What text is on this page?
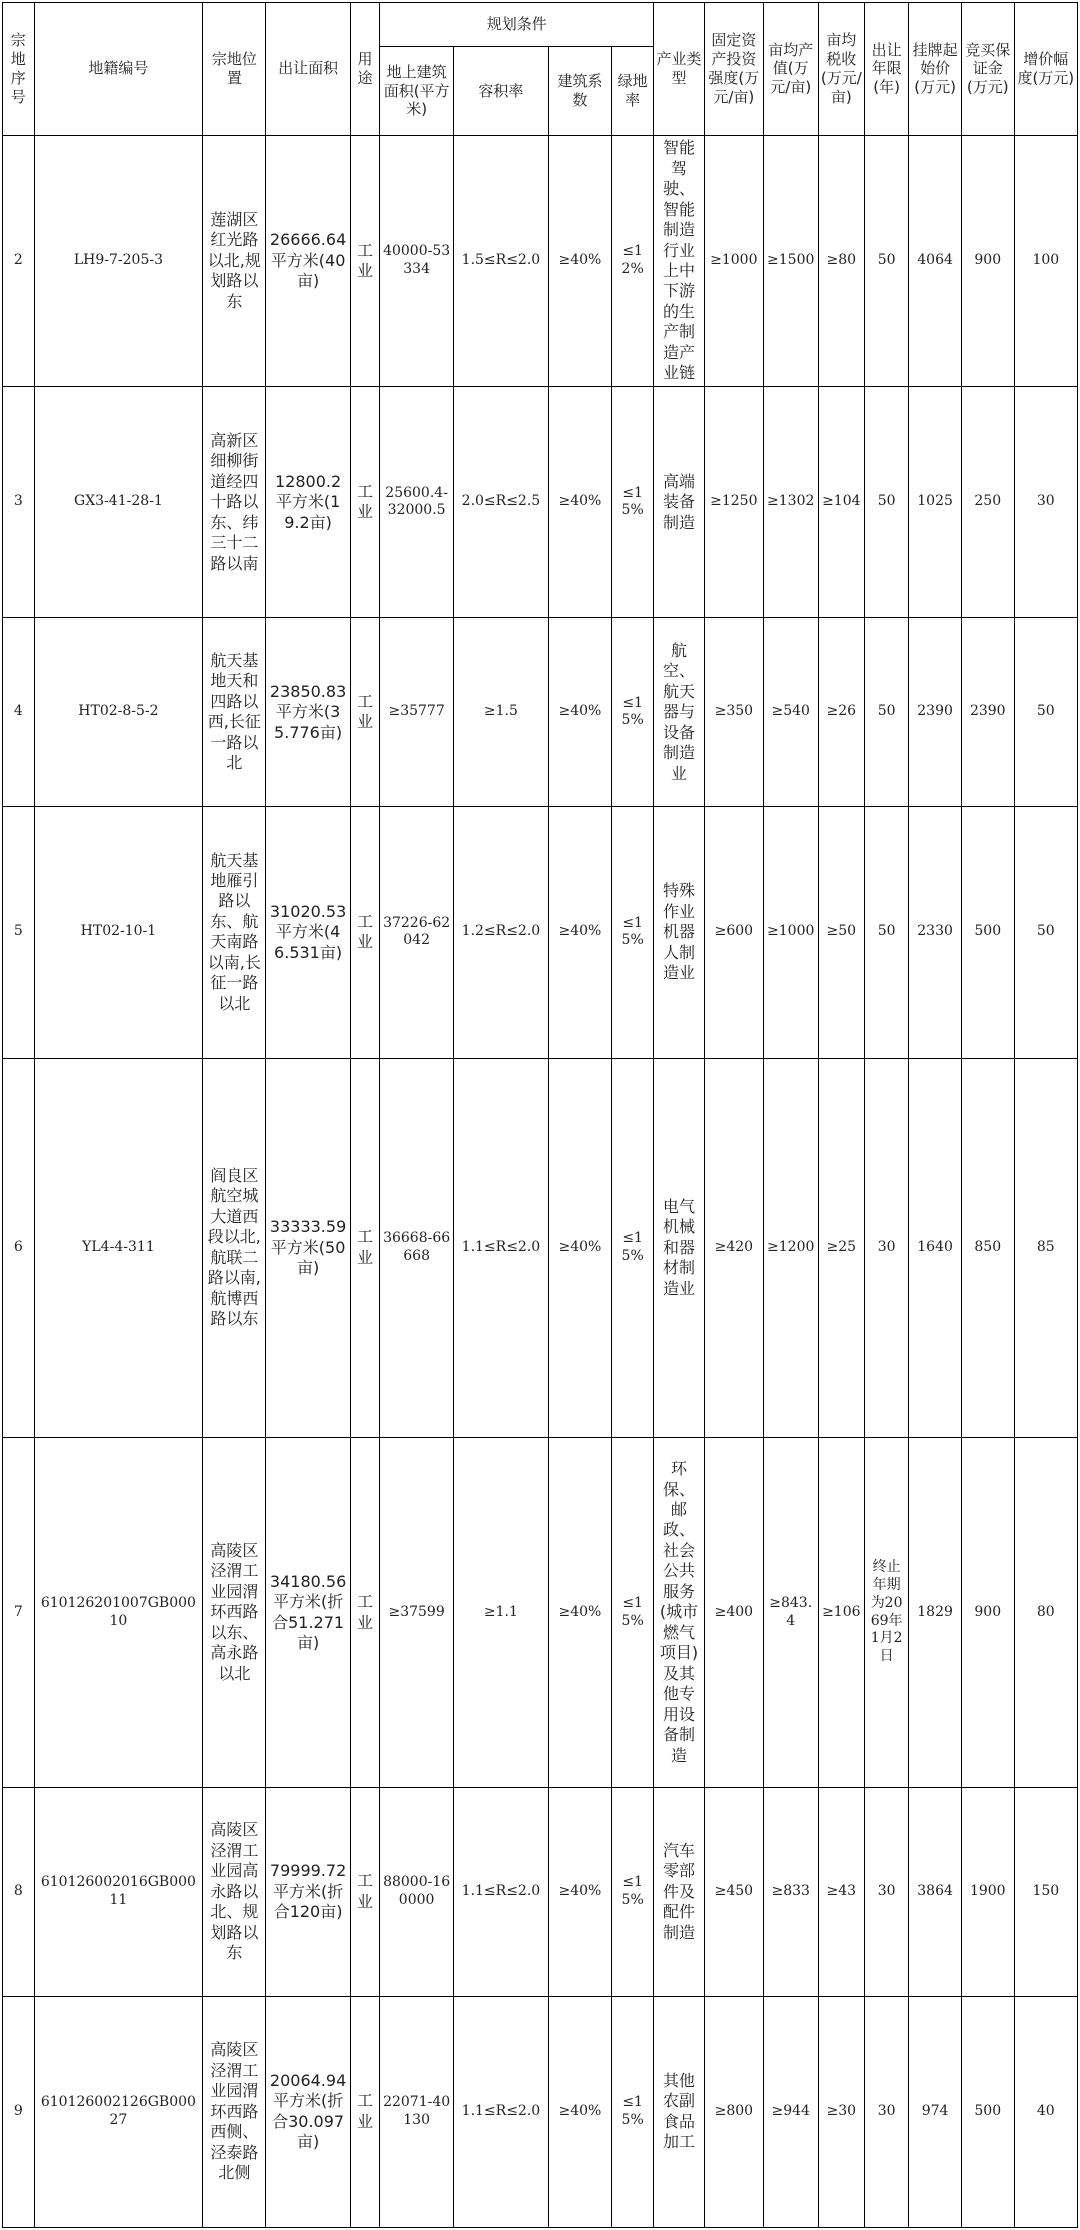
宗地序号	地籍编号	宗地位置	出让面积	用途	规划条件				产业类型	固定资产投资强度(万元/亩)	亩均产值(万元/亩)	亩均税收(万元/亩)	出让年限(年)	挂牌起始价(万元)	竞买保证金(万元)	增价幅度(万元)
					地上建筑面积(平方米)	容积率	建筑系数	绿地率								
2	LH9-7-205-3	莲湖区红光路以北,规划路以东	26666.64平方米(40亩)	工业	40000-53334	1.5≤R≤2.0	≥40%	≤12%	智能驾驶、智能制造行业上中下游的生产制造产业链	≥1000	≥1500	≥80	50	4064	900	100
3	GX3-41-28-1	高新区细柳街道经四十路以东、纬三十二路以南	12800.2平方米(19.2亩)	工业	25600.4-32000.5	2.0≤R≤2.5	≥40%	≤15%	高端装备制造	≥1250	≥1302	≥104	50	1025	250	30
4	HT02-8-5-2	航天基地天和四路以西,长征一路以北	23850.83平方米(35.776亩)	工业	≥35777	≥1.5	≥40%	≤15%	航空、航天器与设备制造业	≥350	≥540	≥26	50	2390	2390	50
5	HT02-10-1	航天基地雁引路以东、航天南路以南,长征一路以北	31020.53平方米(46.531亩)	工业	37226-62042	1.2≤R≤2.0	≥40%	≤15%	特殊作业机器人制造业	≥600	≥1000	≥50	50	2330	500	50
6	YL4-4-311	阎良区航空城大道西段以北,航联二路以南,航博西路以东	33333.59平方米(50亩)	工业	36668-66668	1.1≤R≤2.0	≥40%	≤15%	电气机械和器材制造业	≥420	≥1200	≥25	30	1640	850	85
7	610126201007GB00010	高陵区泾渭工业园渭环西路以东、高永路以北	34180.56平方米(折合51.271亩)	工业	≥37599	≥1.1	≥40%	≤15%	环保、邮政、社会公共服务(城市燃气项目)及其他专用设备制造	≥400	≥843.4	≥106	终止年期为2069年1月2日	1829	900	80
8	610126002016GB00011	高陵区泾渭工业园高永路以北、规划路以东	79999.72平方米(折合120亩)	工业	88000-160000	1.1≤R≤2.0	≥40%	≤15%	汽车零部件及配件制造	≥450	≥833	≥43	30	3864	1900	150
9	610126002126GB00027	高陵区泾渭工业园渭环西路西侧、泾泰路北侧	20064.94平方米(折合30.097亩)	工业	22071-40130	1.1≤R≤2.0	≥40%	≤15%	其他农副食品加工	≥800	≥944	≥30	30	974	500	40
